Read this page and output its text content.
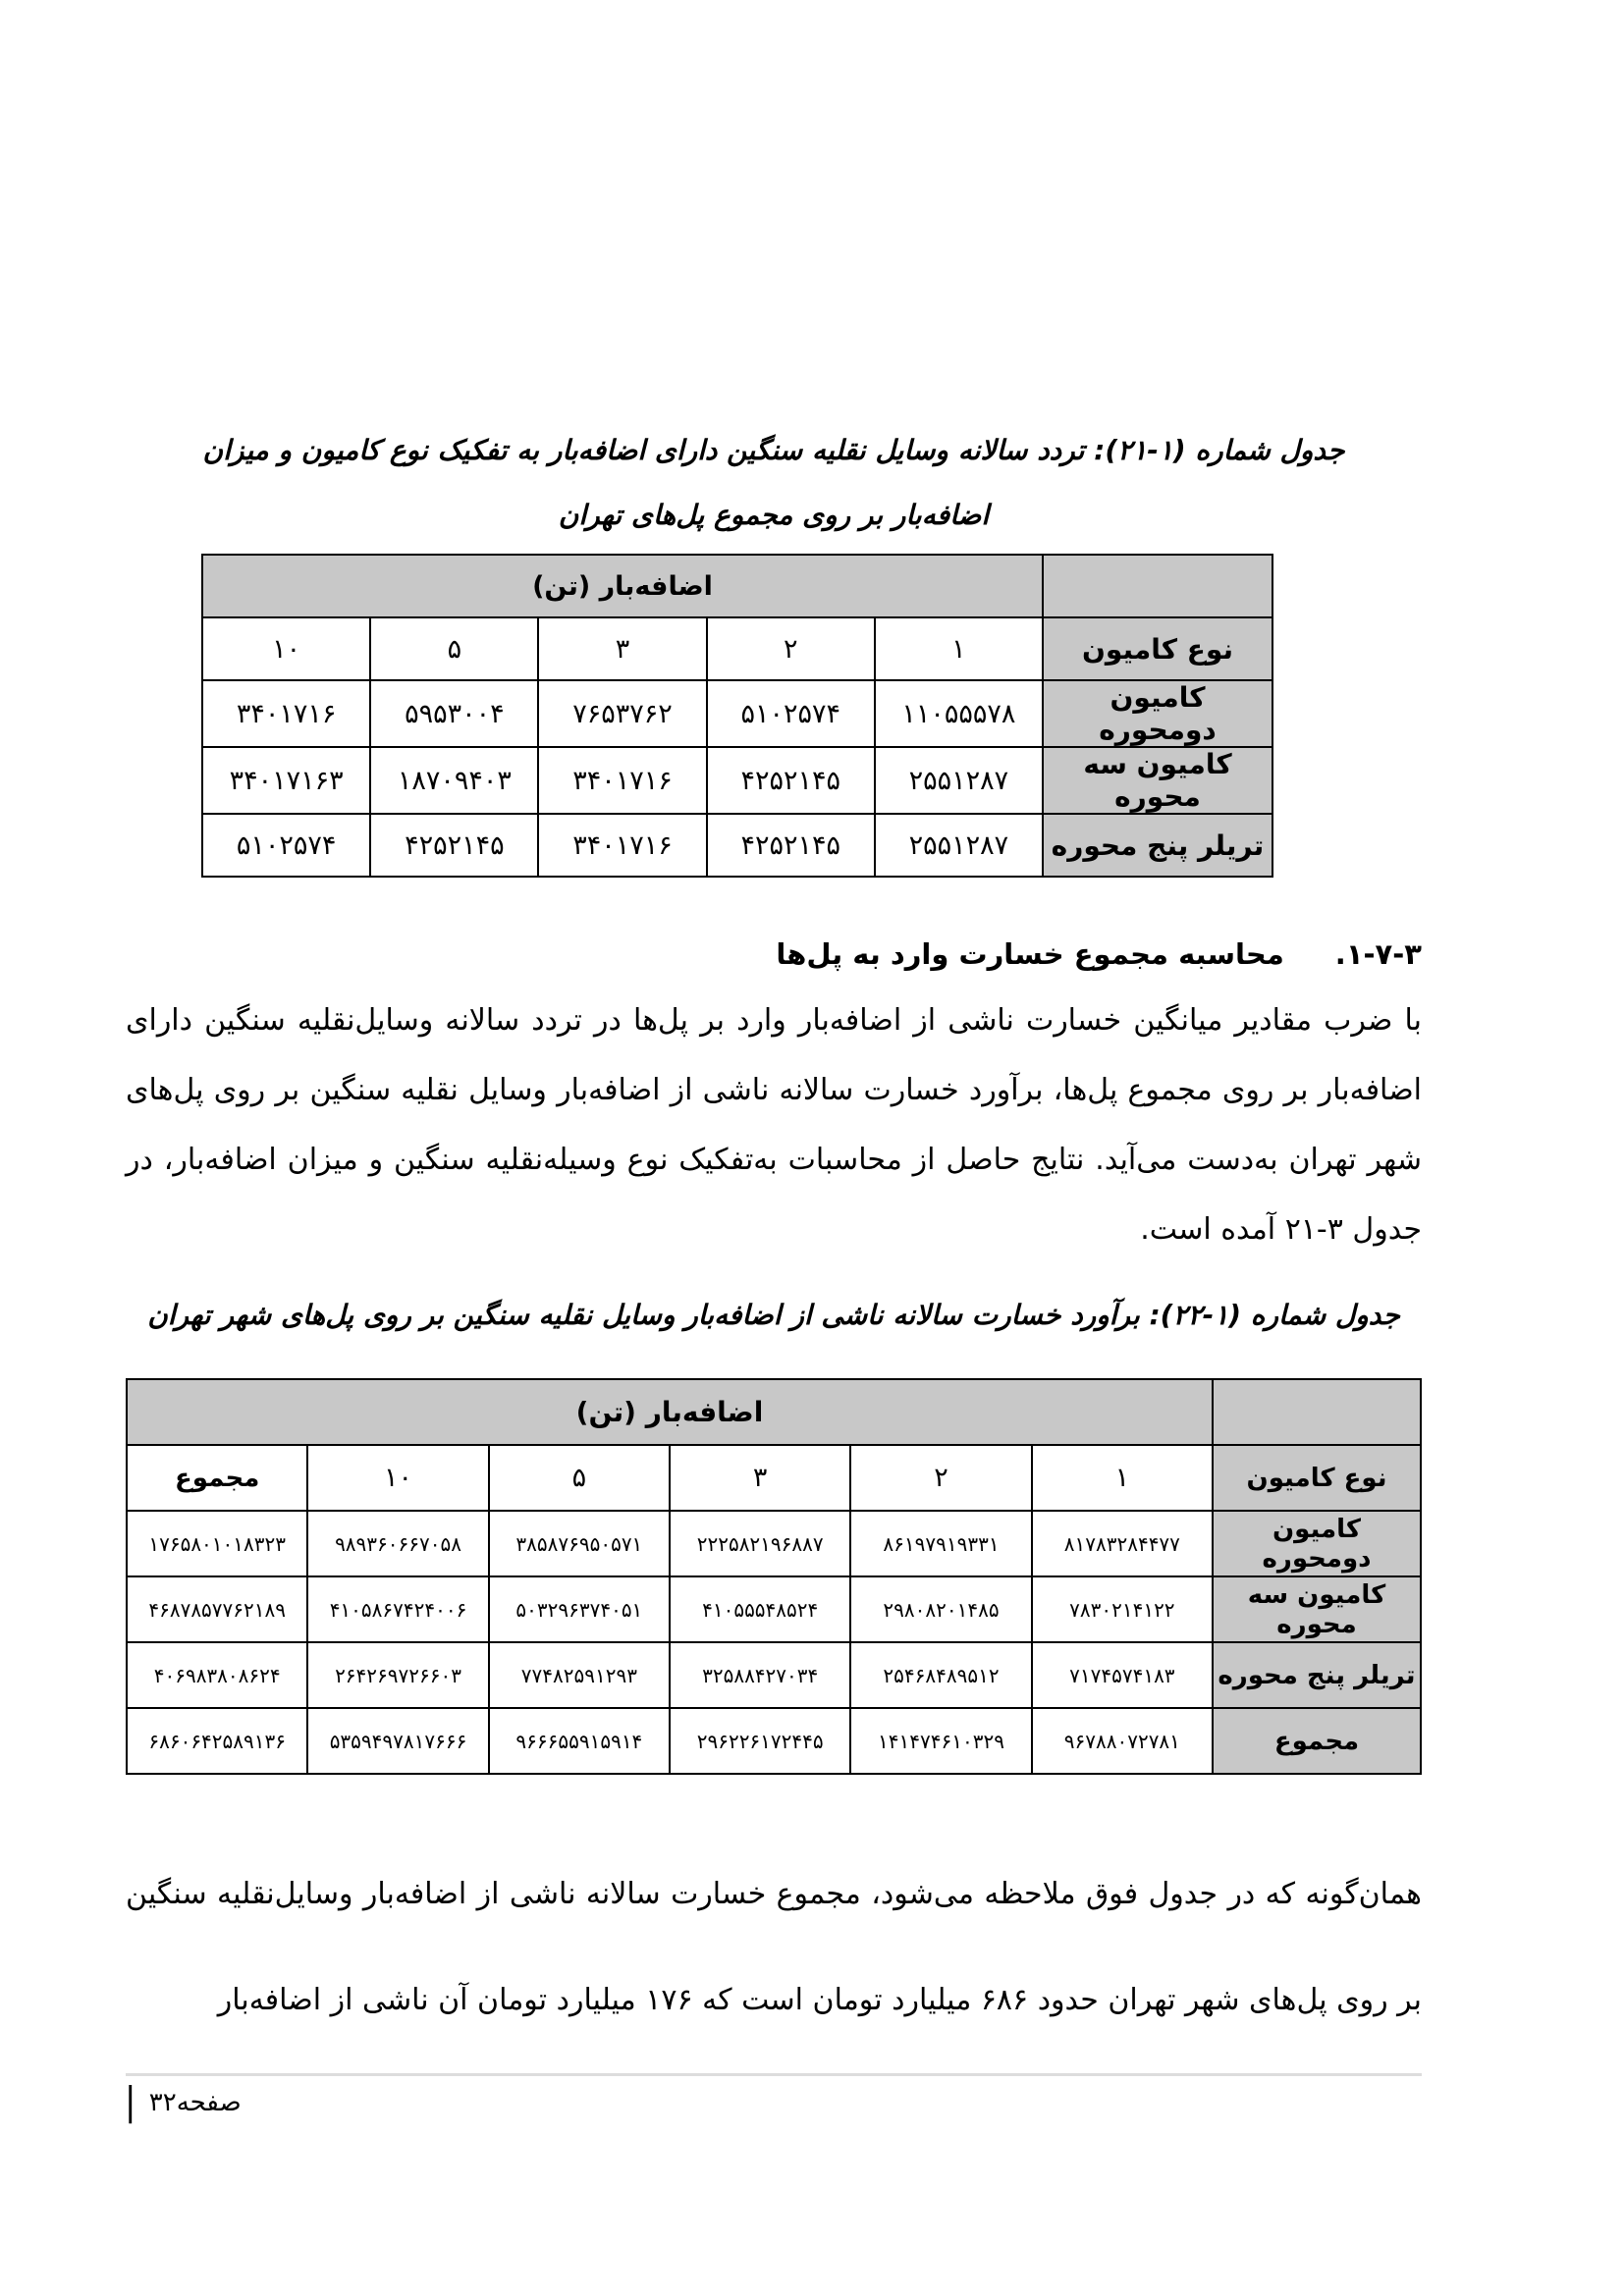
جدول شماره (۱-۲۱): تردد سالانه وسایل نقلیه سنگین دارای اضافه‌بار به تفکیک نوع کامیون و میزان
اضافه‌بار بر روی مجموع پل‌های تهران
	اضافه‌بار (تن)				
نوع کامیون	۱	۲	۳	۵	۱۰
کامیون دومحوره	۱۱۰۵۵۵۷۸	۵۱۰۲۵۷۴	۷۶۵۳۷۶۲	۵۹۵۳۰۰۴	۳۴۰۱۷۱۶
کامیون سه محوره	۲۵۵۱۲۸۷	۴۲۵۲۱۴۵	۳۴۰۱۷۱۶	۱۸۷۰۹۴۰۳	۳۴۰۱۷۱۶۳
تریلر پنج محوره	۲۵۵۱۲۸۷	۴۲۵۲۱۴۵	۳۴۰۱۷۱۶	۴۲۵۲۱۴۵	۵۱۰۲۵۷۴
۱-۷-۳.محاسبه مجموع خسارت وارد به پل‌ها

با ضرب مقادیر میانگین خسارت ناشی از اضافه‌بار وارد بر پل‌ها در تردد سالانه وسایل‌نقلیه سنگین دارای اضافه‌بار بر روی مجموع پل‌ها، برآورد خسارت سالانه ناشی از اضافه‌بار وسایل نقلیه سنگین بر روی پل‌های شهر تهران به‌دست می‌آید. نتایج حاصل از محاسبات به‌تفکیک نوع وسیله‌نقلیه سنگین و میزان اضافه‌بار، در جدول ۳-۲۱ آمده است.

جدول شماره (۱-۲۲): برآورد خسارت سالانه ناشی از اضافه‌بار وسایل نقلیه سنگین بر روی پل‌های شهر تهران
	اضافه‌بار (تن)					
نوع کامیون	۱	۲	۳	۵	۱۰	مجموع
کامیون دومحوره	۸۱۷۸۳۲۸۴۴۷۷	۸۶۱۹۷۹۱۹۳۳۱	۲۲۲۵۸۲۱۹۶۸۸۷	۳۸۵۸۷۶۹۵۰۵۷۱	۹۸۹۳۶۰۶۶۷۰۵۸	۱۷۶۵۸۰۱۰۱۸۳۲۳
کامیون سه محوره	۷۸۳۰۲۱۴۱۲۲	۲۹۸۰۸۲۰۱۴۸۵	۴۱۰۵۵۵۴۸۵۲۴	۵۰۳۲۹۶۳۷۴۰۵۱	۴۱۰۵۸۶۷۴۲۴۰۰۶	۴۶۸۷۸۵۷۷۶۲۱۸۹
تریلر پنج محوره	۷۱۷۴۵۷۴۱۸۳	۲۵۴۶۸۴۸۹۵۱۲	۳۲۵۸۸۴۲۷۰۳۴	۷۷۴۸۲۵۹۱۲۹۳	۲۶۴۲۶۹۷۲۶۶۰۳	۴۰۶۹۸۳۸۰۸۶۲۴
مجموع	۹۶۷۸۸۰۷۲۷۸۱	۱۴۱۴۷۴۶۱۰۳۲۹	۲۹۶۲۲۶۱۷۲۴۴۵	۹۶۶۶۵۵۹۱۵۹۱۴	۵۳۵۹۴۹۷۸۱۷۶۶۶	۶۸۶۰۶۴۲۵۸۹۱۳۶

همان‌گونه که در جدول فوق ملاحظه می‌شود، مجموع خسارت سالانه ناشی از اضافه‌بار وسایل‌نقلیه سنگین بر روی پل‌های شهر تهران حدود ۶۸۶ میلیارد تومان است که ۱۷۶ میلیارد تومان آن ناشی از اضافه‌بار

صفحه۳۲ |
